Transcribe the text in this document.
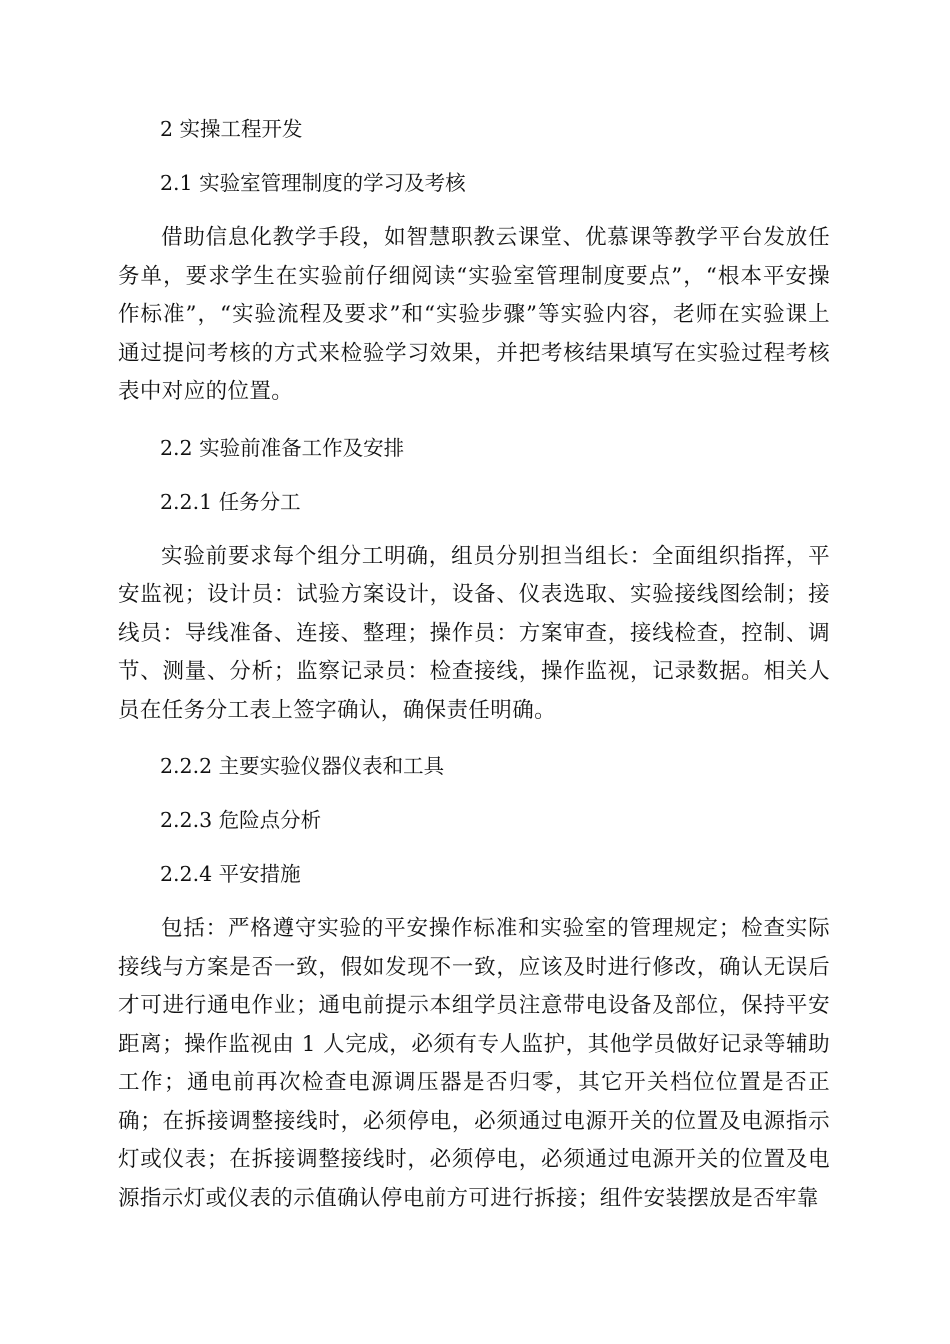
2 实操工程开发
2.1 实验室管理制度的学习及考核

借助信息化教学手段，如智慧职教云课堂、优慕课等教学平台发放任务单，要求学生在实验前仔细阅读“实验室管理制度要点”，“根本平安操作标准”，“实验流程及要求”和“实验步骤”等实验内容，老师在实验课上通过提问考核的方式来检验学习效果，并把考核结果填写在实验过程考核表中对应的位置。

2.2 实验前准备工作及安排
2.2.1 任务分工

实验前要求每个组分工明确，组员分别担当组长：全面组织指挥，平安监视；设计员：试验方案设计，设备、仪表选取、实验接线图绘制；接线员：导线准备、连接、整理；操作员：方案审查，接线检查，控制、调节、测量、分析；监察记录员：检查接线，操作监视，记录数据。相关人员在任务分工表上签字确认，确保责任明确。

2.2.2 主要实验仪器仪表和工具
2.2.3 危险点分析
2.2.4 平安措施

包括：严格遵守实验的平安操作标准和实验室的管理规定；检查实际接线与方案是否一致，假如发现不一致，应该及时进行修改，确认无误后才可进行通电作业；通电前提示本组学员注意带电设备及部位，保持平安距离；操作监视由 1 人完成，必须有专人监护，其他学员做好记录等辅助工作；通电前再次检查电源调压器是否归零，其它开关档位位置是否正确；在拆接调整接线时，必须停电，必须通过电源开关的位置及电源指示灯或仪表；在拆接调整接线时，必须停电，必须通过电源开关的位置及电源指示灯或仪表的示值确认停电前方可进行拆接；组件安装摆放是否牢靠
